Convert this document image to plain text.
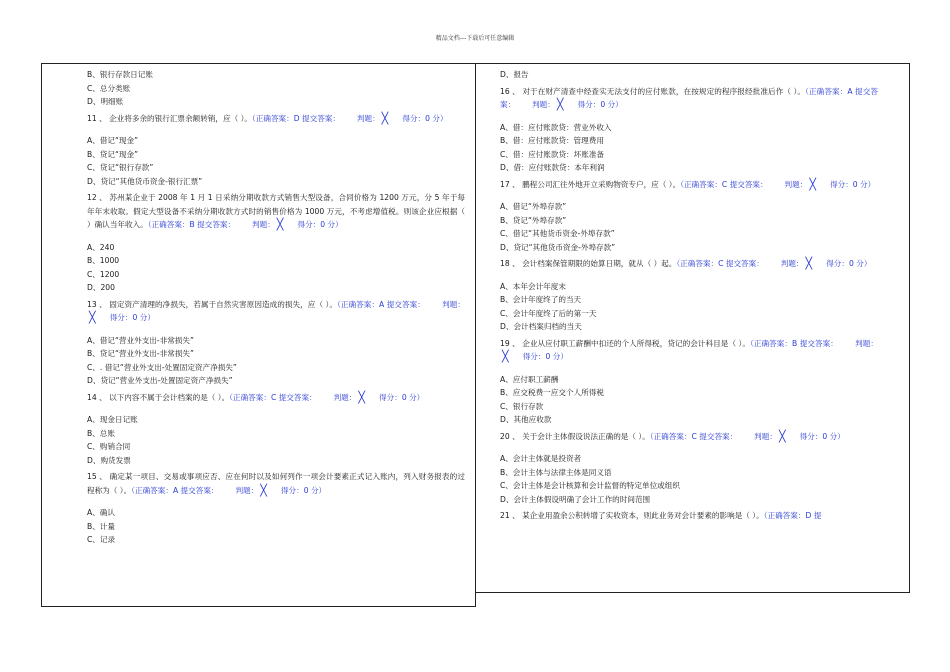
精品文档---下载后可任意编辑
B、银行存款日记账
C、总分类账
D、明细账
11 、 企业将多余的银行汇票余额转销，应（ ）。（正确答案：D 提交答案： 判题： ╳ 得分：0 分）
A、借记“现金”
B、贷记“现金”
C、贷记“银行存款”
D、贷记“其他货币资金-银行汇票”
12 、 苏州某企业于 2008 年 1 月 1 日采纳分期收款方式销售大型设备，合同价格为 1200 万元，分 5 年于每年年末收取。假定大型设备不采纳分期收款方式时的销售价格为 1000 万元，不考虑增值税。则该企业应根据（ ）确认当年收入。（正确答案：B 提交答案： 判题： ╳ 得分：0 分）
A、240
B、1000
C、1200
D、200
13 、 固定资产清理的净损失，若属于自然灾害原因造成的损失，应（ ）。（正确答案：A 提交答案： 判题：╳ 得分：0 分）
A、借记“营业外支出-非常损失”
B、贷记“营业外支出-非常损失”
C、. 借记“营业外支出-处置固定资产净损失”
D、贷记“营业外支出-处置固定资产净损失”
14 、 以下内容不属于会计档案的是（ ）。（正确答案：C 提交答案： 判题： ╳ 得分：0 分）
A、现金日记账
B、总账
C、购销合同
D、购货发票
15 、 确定某一项目、交易或事项应否、应在何时以及如何列作一项会计要素正式记入账内，列入财务报表的过程称为（ ）。（正确答案：A 提交答案： 判题： ╳ 得分：0 分）
A、确认
B、计量
C、记录
D、报告
16 、 对于在财产清查中经查实无法支付的应付账款，在按规定的程序报经批准后作（ ）。（正确答案：A 提交答案： 判题： ╳ 得分：0 分）
A、借：应付账款贷：营业外收入
B、借：应付账款贷：管理费用
C、借：应付账款贷：坏账准备
D、借：应付账款贷：本年利润
17 、 鹏程公司汇往外地开立采购物资专户，应（ ）。（正确答案：C 提交答案： 判题： ╳ 得分：0 分）
A、借记“外埠存款”
B、贷记“外埠存款”
C、借记“其他货币资金-外埠存款”
D、贷记“其他货币资金-外埠存款”
18 、 会计档案保管期限的始算日期，就从（ ）起。（正确答案：C 提交答案： 判题： ╳ 得分：0 分）
A、本年会计年度末
B、会计年度终了的当天
C、会计年度终了后的第一天
D、会计档案归档的当天
19 、 企业从应付职工薪酬中扣还的个人所得税，贷记的会计科目是（ ）。（正确答案：B 提交答案： 判题：╳ 得分：0 分）
A、应付职工薪酬
B、应交税费一应交个人所得税
C、银行存款
D、其他应收款
20 、 关于会计主体假设说法正确的是（ ）。（正确答案：C 提交答案： 判题： ╳ 得分：0 分）
A、会计主体就是投资者
B、会计主体与法律主体是同义语
C、会计主体是会计核算和会计监督的特定单位或组织
D、会计主体假设明确了会计工作的时间范围
21 、 某企业用盈余公积转增了实收资本，则此业务对会计要素的影响是（ ）。（正确答案：D 提
